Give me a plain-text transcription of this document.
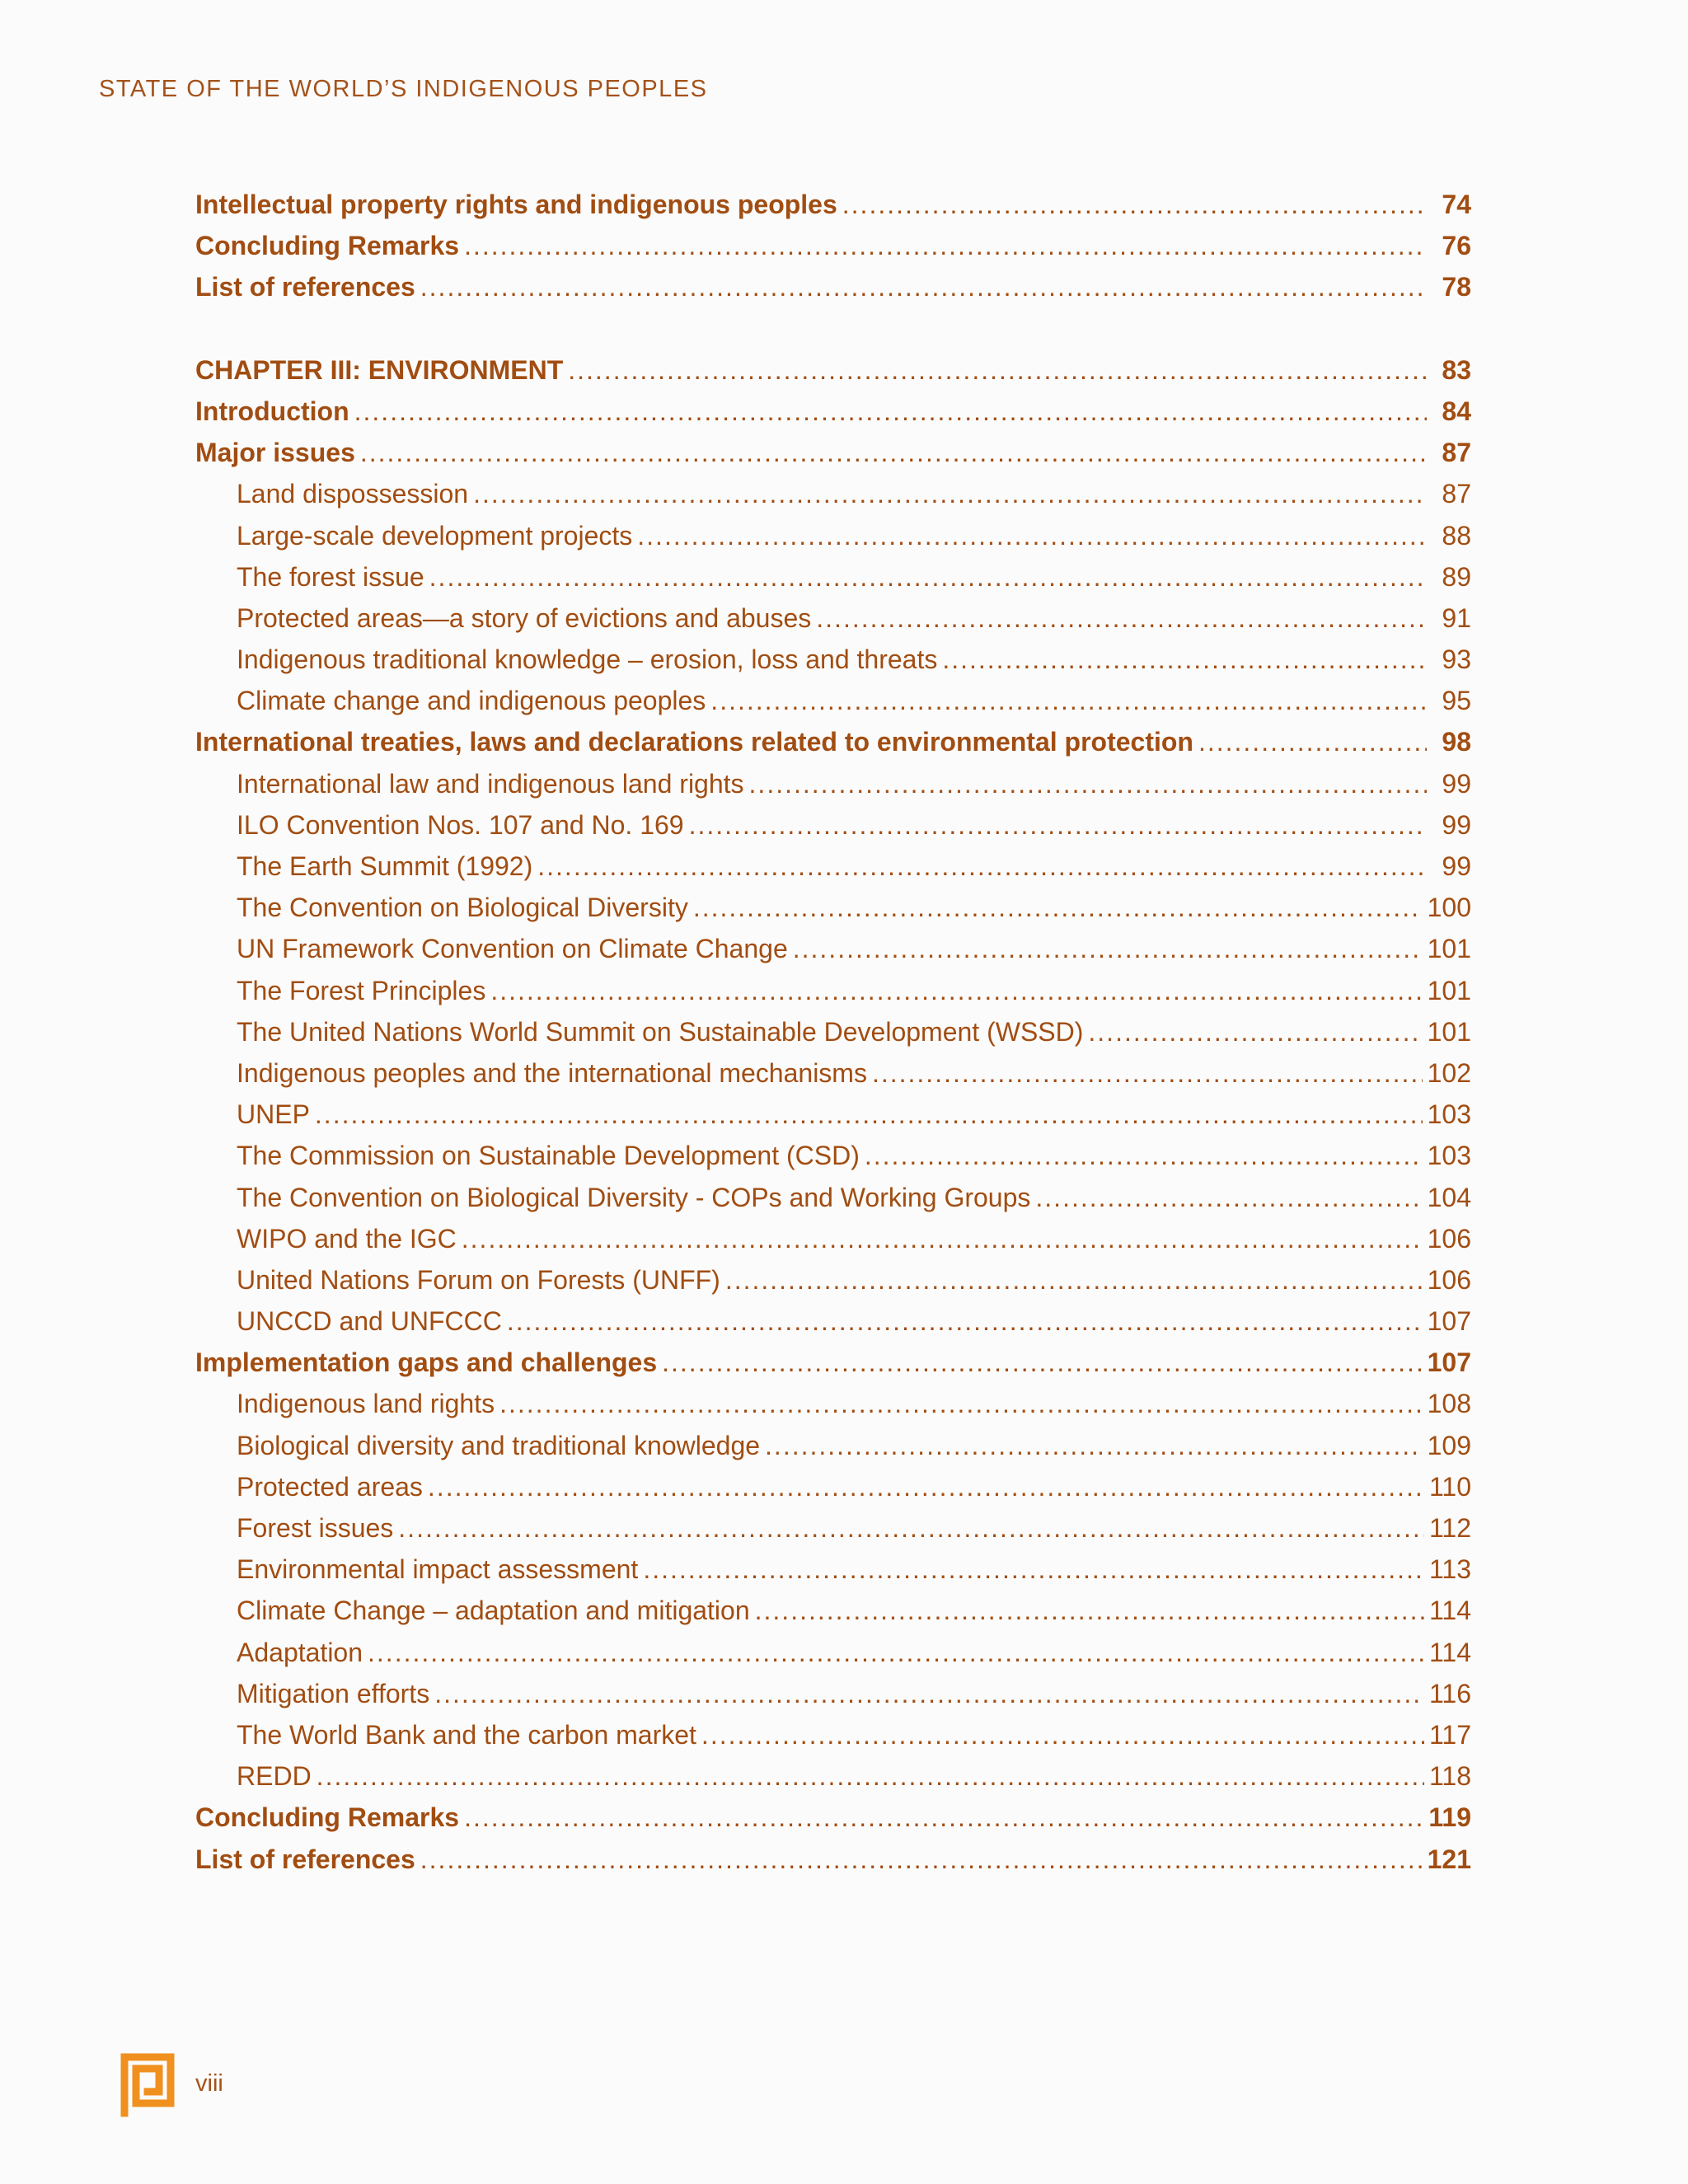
STATE OF THE WORLD’S INDIGENOUS PEOPLES
Intellectual property rights and indigenous peoples .....	74
Concluding Remarks .....	76
List of references .....	78
CHAPTER III: ENVIRONMENT .....	83
Introduction .....	84
Major issues .....	87
Land dispossession .....	87
Large-scale development projects .....	88
The forest issue .....	89
Protected areas—a story of evictions and abuses .....	91
Indigenous traditional knowledge – erosion, loss and threats .....	93
Climate change and indigenous peoples .....	95
International treaties, laws and declarations related to environmental protection .....	98
International law and indigenous land rights .....	99
ILO Convention Nos. 107 and No. 169 .....	99
The Earth Summit (1992) .....	99
The Convention on Biological Diversity .....	100
UN Framework Convention on Climate Change .....	101
The Forest Principles .....	101
The United Nations World Summit on Sustainable Development (WSSD) .....	101
Indigenous peoples and the international mechanisms .....	102
UNEP .....	103
The Commission on Sustainable Development (CSD) .....	103
The Convention on Biological Diversity - COPs and Working Groups .....	104
WIPO and the IGC .....	106
United Nations Forum on Forests (UNFF) .....	106
UNCCD and UNFCCC .....	107
Implementation gaps and challenges .....	107
Indigenous land rights .....	108
Biological diversity and traditional knowledge .....	109
Protected areas .....	110
Forest issues .....	112
Environmental impact assessment .....	113
Climate Change – adaptation and mitigation .....	114
Adaptation .....	114
Mitigation efforts .....	116
The World Bank and the carbon market .....	117
REDD .....	118
Concluding Remarks .....	119
List of references .....	121
viii
